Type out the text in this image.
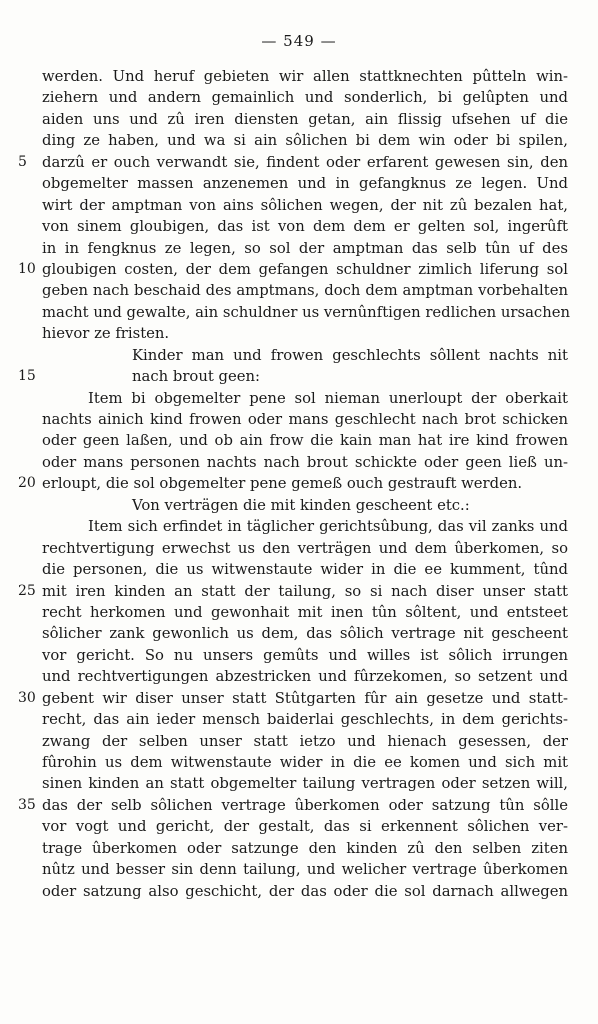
— 549 —
werden. Und heruf gebieten wir allen stattknechten pûtteln win-
ziehern und andern gemainlich und sonderlich, bi gelûpten und
aiden uns und zû iren diensten getan, ain flissig ufsehen uf die
ding ze haben, und wa si ain sôlichen bi dem win oder bi spilen,
5	darzû er ouch verwandt sie, findent oder erfarent gewesen sin, den
obgemelter massen anzenemen und in gefangknus ze legen. Und
wirt der amptman von ains sôlichen wegen, der nit zû bezalen hat,
von sinem gloubigen, das ist von dem dem er gelten sol, ingerûft
in in fengknus ze legen, so sol der amptman das selb tûn uf des
10 gloubigen costen, der dem gefangen schuldner zimlich liferung sol
geben nach beschaid des amptmans, doch dem amptman vorbehalten
macht und gewalte, ain schuldner us vernûnftigen redlichen ursachen
hievor ze fristen.
Kinder man und frowen geschlechts sôllent nachts nit
15	nach brout geen:
Item bi obgemelter pene sol nieman unerloupt der oberkait
nachts ainich kind frowen oder mans geschlecht nach brot schicken
oder geen laßen, und ob ain frow die kain man hat ire kind frowen
oder mans personen nachts nach brout schickte oder geen ließ un-
20 erloupt, die sol obgemelter pene gemeß ouch gestrauft werden.
Von verträgen die mit kinden gescheent etc.:
Item sich erfindet in täglicher gerichtsûbung, das vil zanks und
rechtvertigung erwechst us den verträgen und dem ûberkomen, so
die personen, die us witwenstaute wider in die ee kumment, tûnd
25 mit iren kinden an statt der tailung, so si nach diser unser statt
recht herkomen und gewonhait mit inen tûn sôltent, und entsteet
sôlicher zank gewonlich us dem, das sôlich vertrage nit gescheent
vor gericht. So nu unsers gemûts und willes ist sôlich irrungen
und rechtvertigungen abzestricken und fûrzekomen, so setzent und
30 gebent wir diser unser statt Stûtgarten fûr ain gesetze und statt-
recht, das ain ieder mensch baiderlai geschlechts, in dem gerichts-
zwang der selben unser statt ietzo und hienach gesessen, der
fûrohin us dem witwenstaute wider in die ee komen und sich mit
sinen kinden an statt obgemelter tailung vertragen oder setzen will,
35 das der selb sôlichen vertrage ûberkomen oder satzung tûn sôlle
vor vogt und gericht, der gestalt, das si erkennent sôlichen ver-
trage ûberkomen oder satzunge den kinden zû den selben ziten
nûtz und besser sin denn tailung, und welicher vertrage ûberkomen
oder satzung also geschicht, der das oder die sol darnach allwegen
